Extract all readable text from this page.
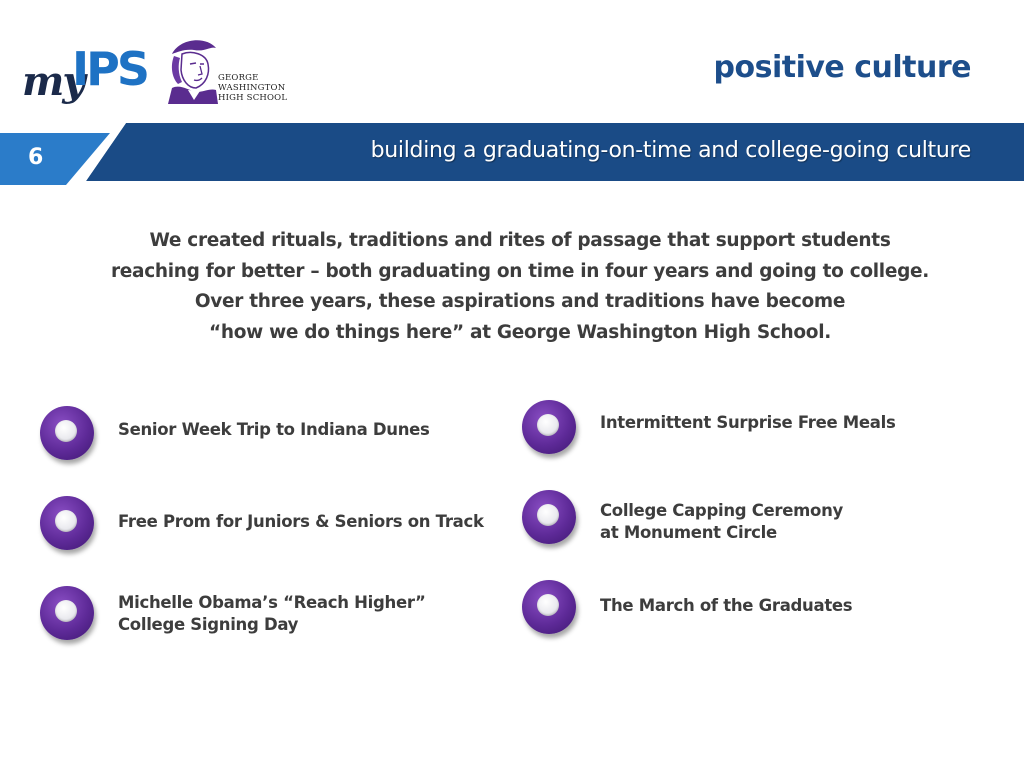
my
IPS	GEORGE
WASHINGTON
HIGH SCHOOL
positive culture
6	building a graduating-on-time and college-going culture
We created rituals, traditions and rites of passage that support students
reaching for better – both graduating on time in four years and going to college.
Over three years, these aspirations and traditions have become
“how we do things here” at George Washington High School.
Senior Week Trip to Indiana Dunes
Free Prom for Juniors & Seniors on Track
Michelle Obama’s “Reach Higher”
College Signing Day
Intermittent Surprise Free Meals
College Capping Ceremony
at Monument Circle
The March of the Graduates
